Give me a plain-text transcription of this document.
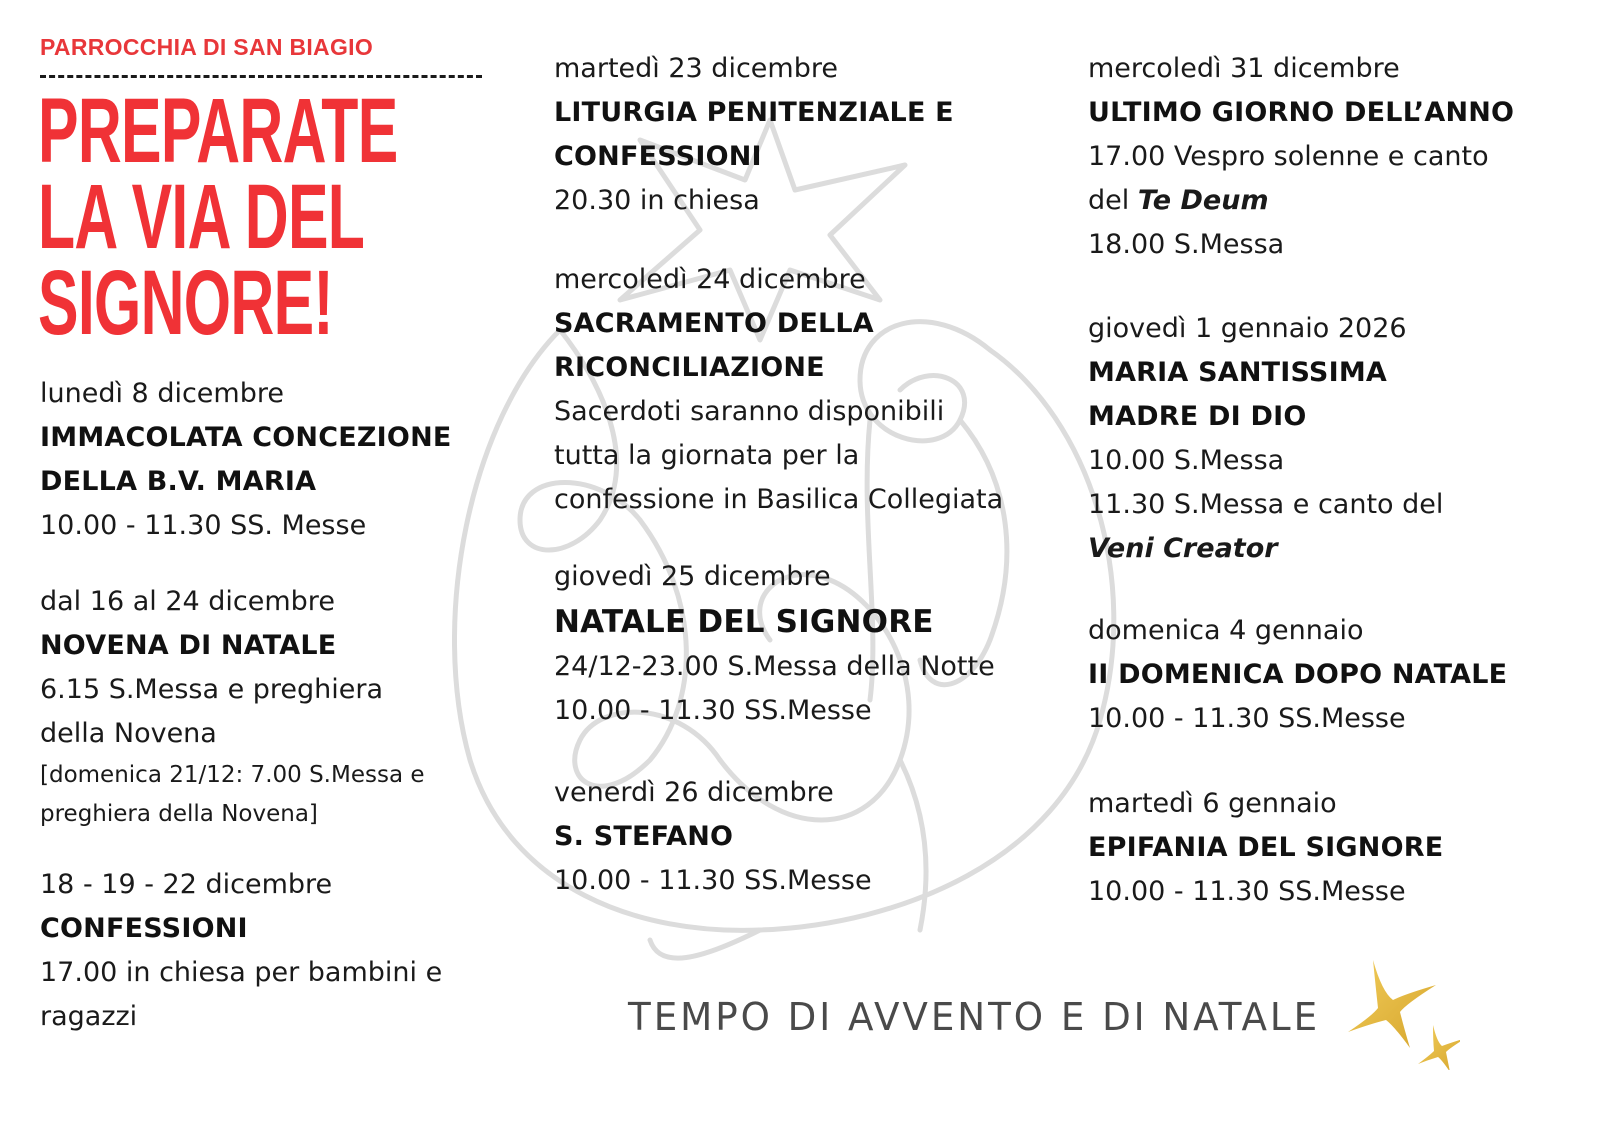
PARROCCHIA DI SAN BIAGIO
PREPARATE
LA VIA DEL
SIGNORE!
lunedì 8 dicembre
IMMACOLATA CONCEZIONE
DELLA B.V. MARIA
10.00 - 11.30 SS. Messe
dal 16 al 24 dicembre
NOVENA DI NATALE
6.15 S.Messa e preghiera
della Novena
[domenica 21/12: 7.00 S.Messa e
preghiera della Novena]
18 - 19 - 22 dicembre
CONFESSIONI
17.00 in chiesa per bambini e
ragazzi
martedì 23 dicembre
LITURGIA PENITENZIALE E
CONFESSIONI
20.30 in chiesa
mercoledì 24 dicembre
SACRAMENTO DELLA
RICONCILIAZIONE
Sacerdoti saranno disponibili
tutta la giornata per la
confessione in Basilica Collegiata
giovedì 25 dicembre
NATALE DEL SIGNORE
24/12-23.00 S.Messa della Notte
10.00 - 11.30 SS.Messe
venerdì 26 dicembre
S. STEFANO
10.00 - 11.30 SS.Messe
mercoledì 31 dicembre
ULTIMO GIORNO DELL’ANNO
17.00 Vespro solenne e canto
del Te Deum
18.00 S.Messa
giovedì 1 gennaio 2026
MARIA SANTISSIMA
MADRE DI DIO
10.00 S.Messa
11.30 S.Messa e canto del
Veni Creator
domenica 4 gennaio
II DOMENICA DOPO NATALE
10.00 - 11.30 SS.Messe
martedì 6 gennaio
EPIFANIA DEL SIGNORE
10.00 - 11.30 SS.Messe
TEMPO DI AVVENTO E DI NATALE
